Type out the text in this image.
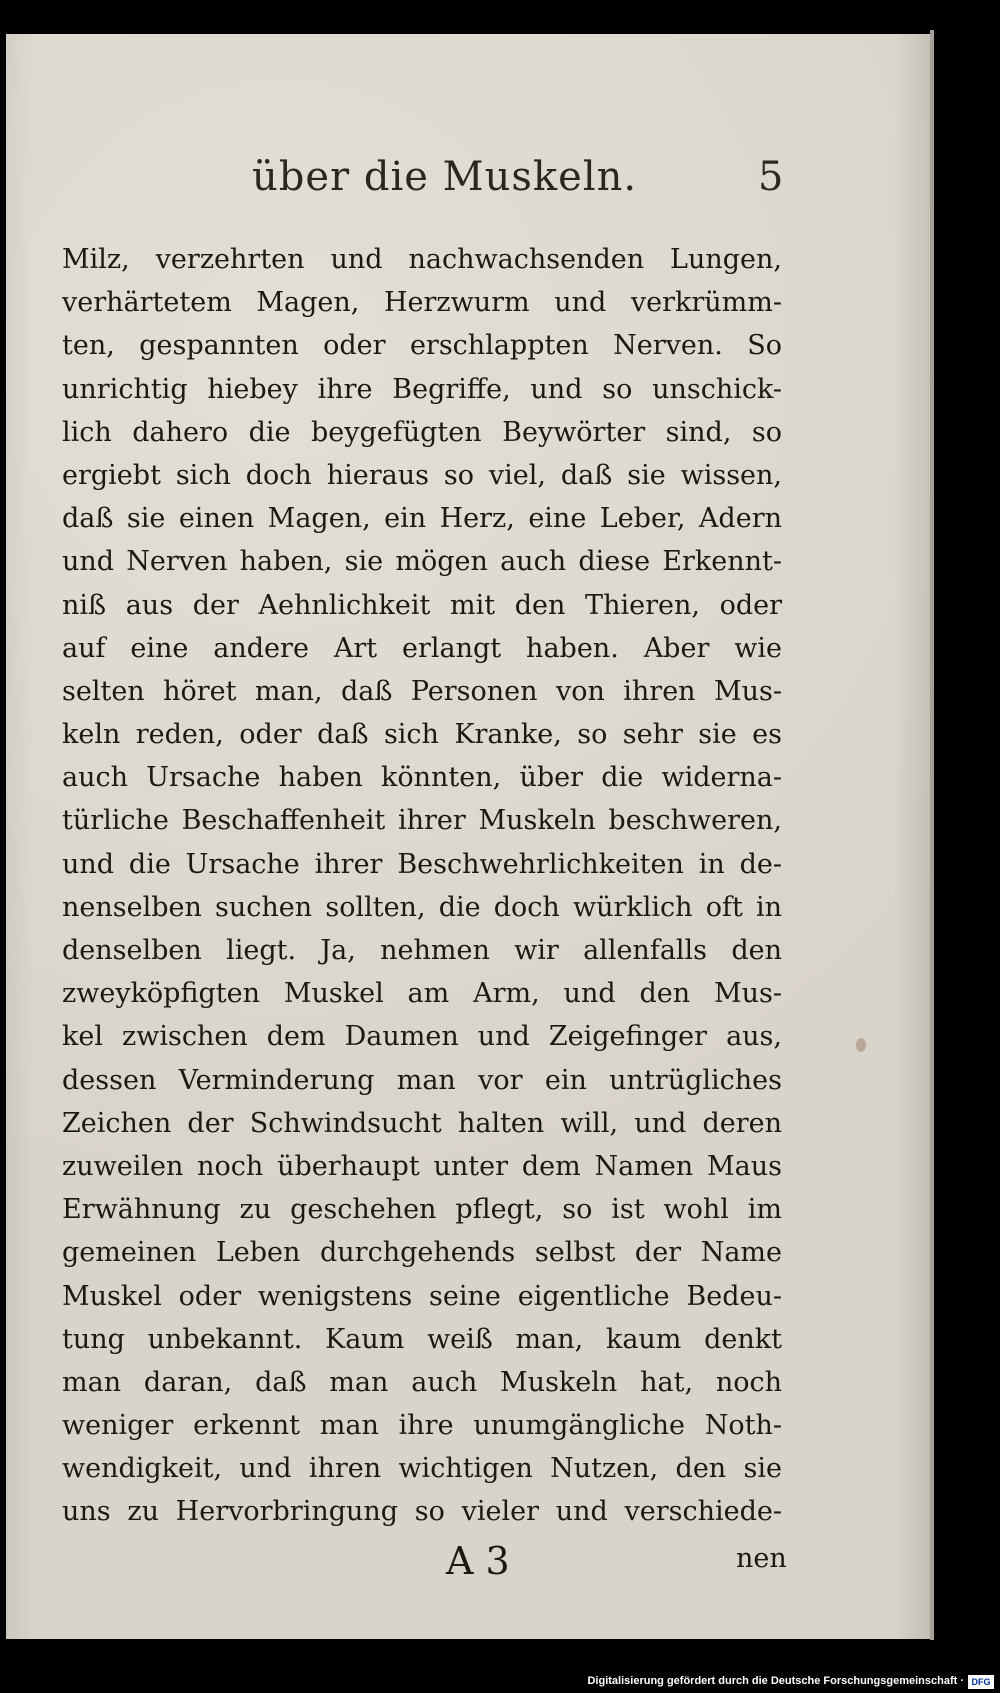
über die Muskeln.	5
Milz, verzehrten und nachwachsenden Lungen,
verhärtetem Magen, Herzwurm und verkrümm-
ten, gespannten oder erschlappten Nerven. So
unrichtig hiebey ihre Begriffe, und so unschick-
lich dahero die beygefügten Beywörter sind, so
ergiebt sich doch hieraus so viel, daß sie wissen,
daß sie einen Magen, ein Herz, eine Leber, Adern
und Nerven haben, sie mögen auch diese Erkennt-
niß aus der Aehnlichkeit mit den Thieren, oder
auf eine andere Art erlangt haben. Aber wie
selten höret man, daß Personen von ihren Mus-
keln reden, oder daß sich Kranke, so sehr sie es
auch Ursache haben könnten, über die widerna-
türliche Beschaffenheit ihrer Muskeln beschweren,
und die Ursache ihrer Beschwehrlichkeiten in de-
nenselben suchen sollten, die doch würklich oft in
denselben liegt. Ja, nehmen wir allenfalls den
zweyköpfigten Muskel am Arm, und den Mus-
kel zwischen dem Daumen und Zeigefinger aus,
dessen Verminderung man vor ein untrügliches
Zeichen der Schwindsucht halten will, und deren
zuweilen noch überhaupt unter dem Namen Maus
Erwähnung zu geschehen pflegt, so ist wohl im
gemeinen Leben durchgehends selbst der Name
Muskel oder wenigstens seine eigentliche Bedeu-
tung unbekannt. Kaum weiß man, kaum denkt
man daran, daß man auch Muskeln hat, noch
weniger erkennt man ihre unumgängliche Noth-
wendigkeit, und ihren wichtigen Nutzen, den sie
uns zu Hervorbringung so vieler und verschiede-
A 3	nen
Digitalisierung gefördert durch die Deutsche Forschungsgemeinschaft · DFG
